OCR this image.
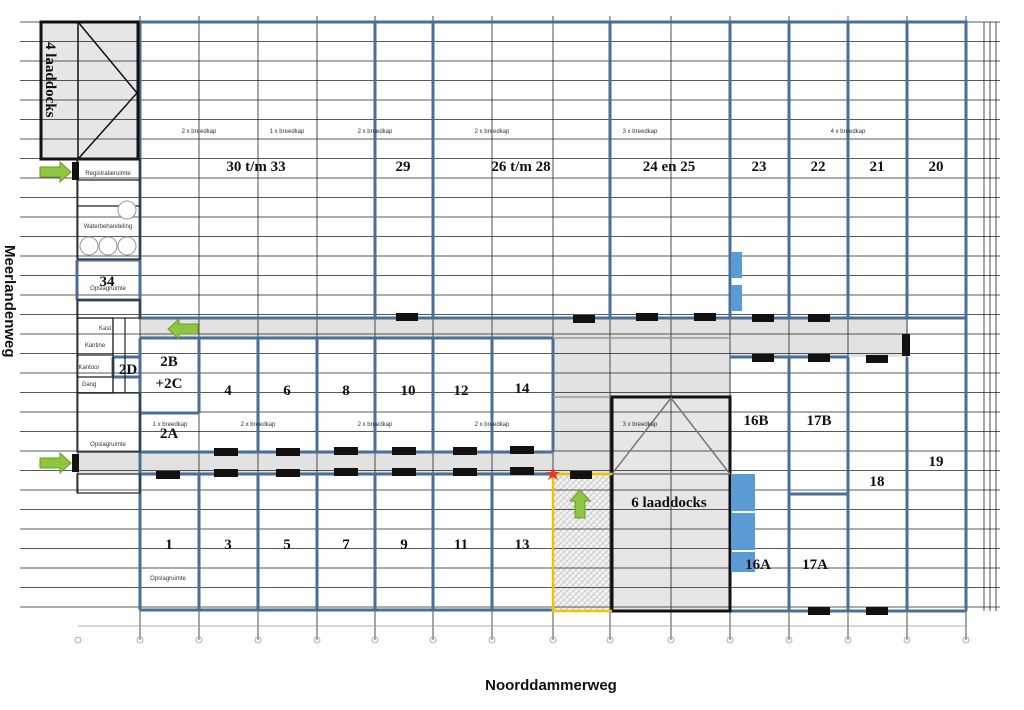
30 t/m 33	29	26 t/m 28	24 en 25	23	22	21	20
34
2B
+2C
2D
2A
4	6	8	10	12	14
16B	17B
19
18
1	3	5	7	9	11	13
16A 17A
6 laaddocks
4 laaddocks
Registratieruimte
Waterbehandeling
Opslagruimte
Opslagruimte
Opslagruimte
Kantine
Kantoor
Gang
Kast
2 x breedkap	1 x breedkap	2 x breedkap	2 x breedkap	3 x breedkap	4 x breedkap
1 x breedkap	2 x breedkap	2 x breedkap	2 x breedkap	3 x breedkap
Meerlandenweg
Noorddammerweg
